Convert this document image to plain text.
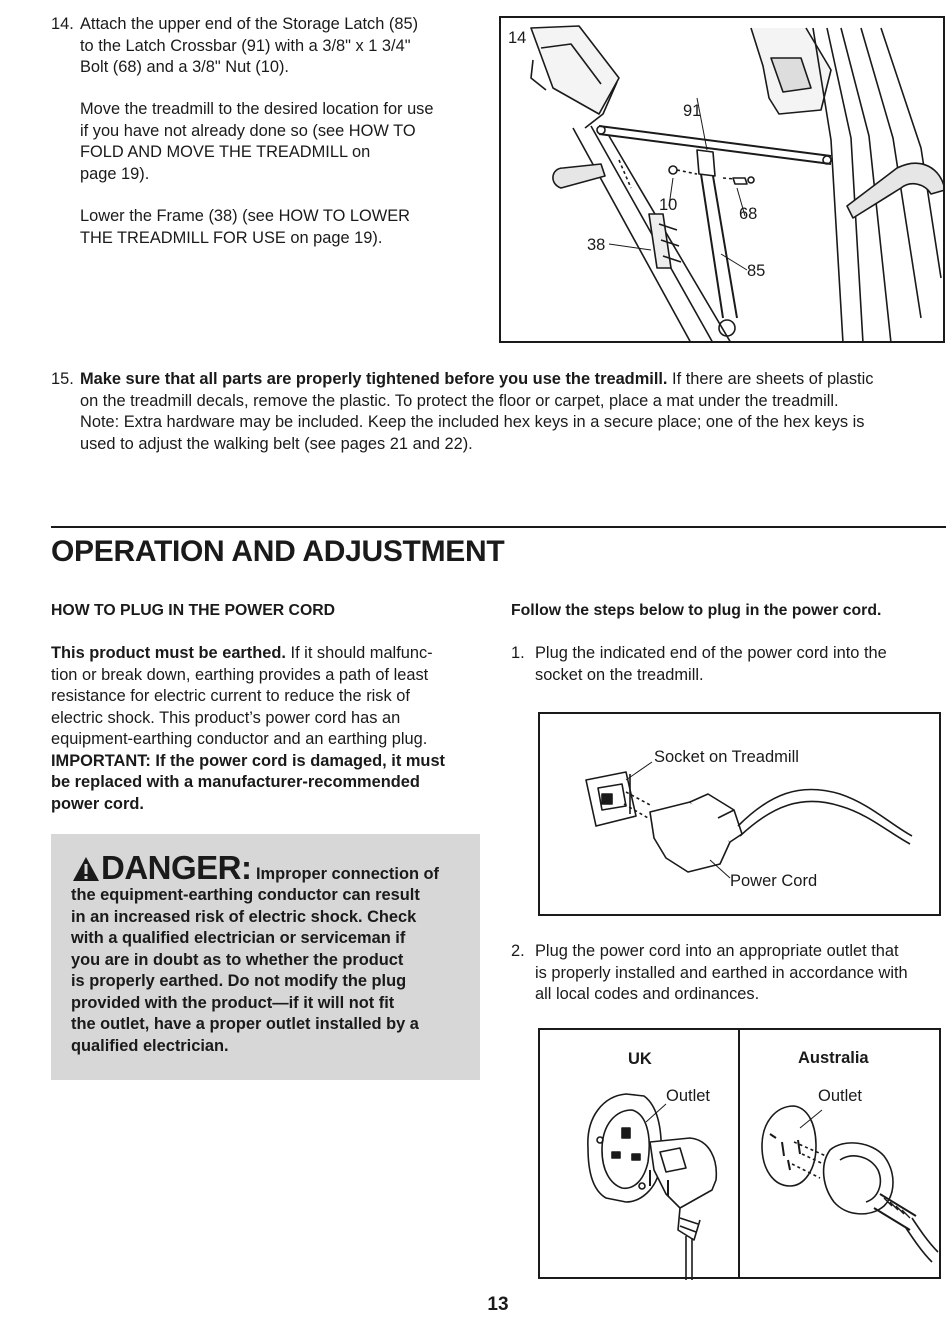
14. Attach the upper end of the Storage Latch (85)
to the Latch Crossbar (91) with a 3/8" x 1 3/4"
Bolt (68) and a 3/8" Nut (10).
Move the treadmill to the desired location for use
if you have not already done so (see HOW TO
FOLD AND MOVE THE TREADMILL on
page 19).
Lower the Frame (38) (see HOW TO LOWER
THE TREADMILL FOR USE on page 19).
14
91
10	68
38
85
15. Make sure that all parts are properly tightened before you use the treadmill. If there are sheets of plastic
on the treadmill decals, remove the plastic. To protect the floor or carpet, place a mat under the treadmill.
Note: Extra hardware may be included. Keep the included hex keys in a secure place; one of the hex keys is
used to adjust the walking belt (see pages 21 and 22).
OPERATION AND ADJUSTMENT
HOW TO PLUG IN THE POWER CORD
This product must be earthed. If it should malfunc-
tion or break down, earthing provides a path of least
resistance for electric current to reduce the risk of
electric shock. This product’s power cord has an
equipment-earthing conductor and an earthing plug.
IMPORTANT: If the power cord is damaged, it must
be replaced with a manufacturer-recommended
power cord.
DANGER: Improper connection of
the equipment-earthing conductor can result
in an increased risk of electric shock. Check
with a qualified electrician or serviceman if
you are in doubt as to whether the product
is properly earthed. Do not modify the plug
provided with the product—if it will not fit
the outlet, have a proper outlet installed by a
qualified electrician.
Follow the steps below to plug in the power cord.
1. Plug the indicated end of the power cord into the
socket on the treadmill.
Socket on Treadmill
Power Cord
2. Plug the power cord into an appropriate outlet that
is properly installed and earthed in accordance with
all local codes and ordinances.
UK
Outlet
Australia
Outlet
13
